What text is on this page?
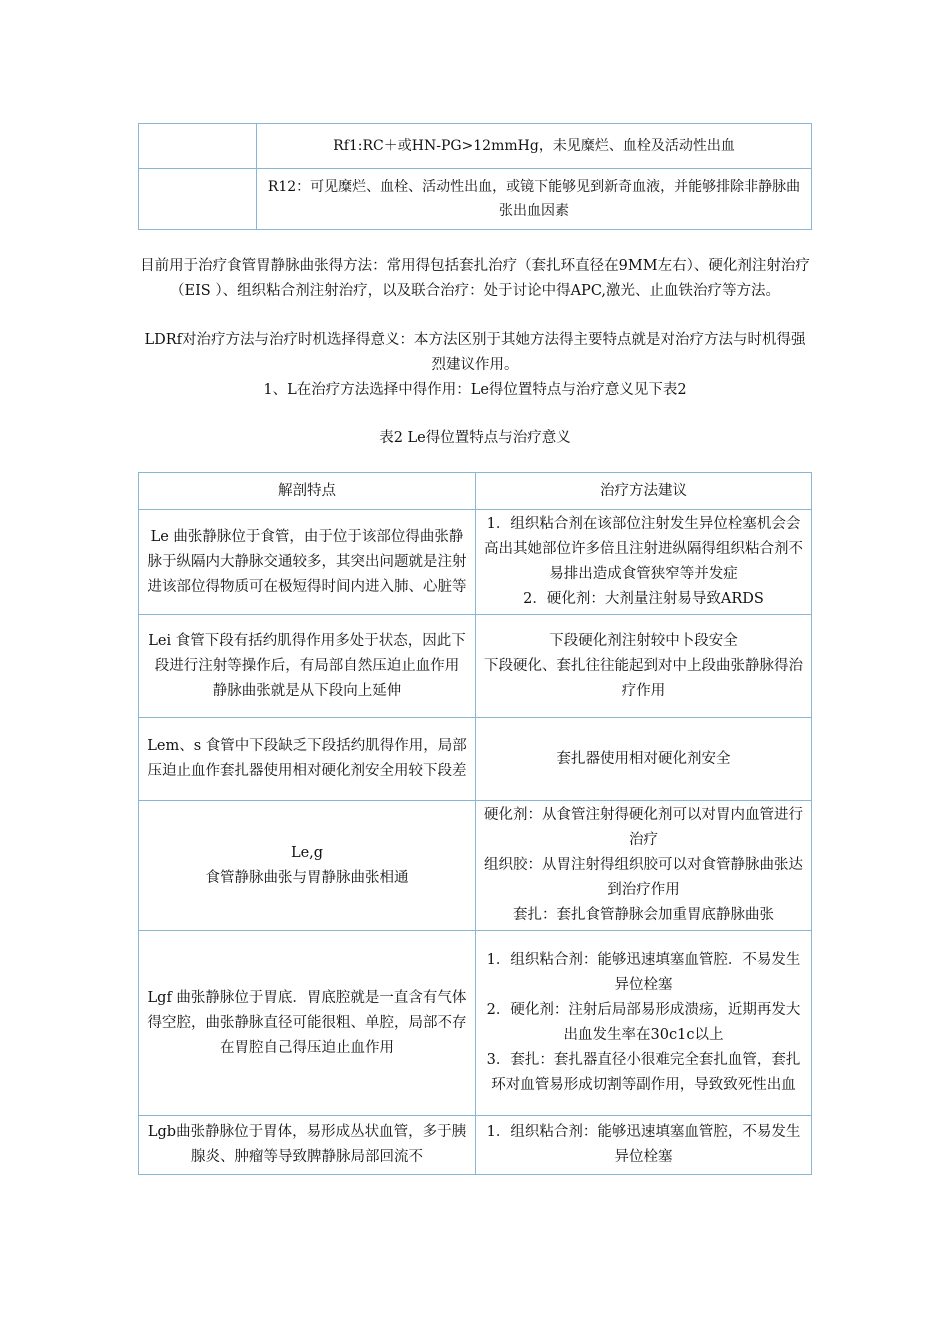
	Rf1:RC＋或HN-PG>12mmHg，未见糜烂、血栓及活动性出血
	R12：可见糜烂、血栓、活动性出血，或镜下能够见到新奇血液，并能够排除非静脉曲张出血因素
目前用于治疗食管胃静脉曲张得方法：常用得包括套扎治疗（套扎环直径在9MM左右）、硬化剂注射治疗（EIS ）、组织粘合剂注射治疗，以及联合治疗：处于讨论中得APC,激光、止血铁治疗等方法。
LDRf对治疗方法与治疗时机选择得意义：本方法区别于其她方法得主要特点就是对治疗方法与时机得强烈建议作用。
1、L在治疗方法选择中得作用：Le得位置特点与治疗意义见下表2
表2 Le得位置特点与治疗意义
解剖特点	治疗方法建议

Le 曲张静脉位于食管，由于位于该部位得曲张静脉于纵隔内大静脉交通较多，其突出问题就是注射进该部位得物质可在极短得时间内进入肺、心脏等	1．组织粘合剂在该部位注射发生异位栓塞机会会高出其她部位许多倍且注射进纵隔得组织粘合剂不易排出造成食管狭窄等并发症
2．硬化剂：大剂量注射易导致ARDS

Lei 食管下段有括约肌得作用多处于状态，因此下段进行注射等操作后，有局部自然压迫止血作用
静脉曲张就是从下段向上延伸	下段硬化剂注射较中卜段安全
下段硬化、套扎往往能起到对中上段曲张静脉得治疗作用

Lem、s 食管中下段缺乏下段括约肌得作用，局部压迫止血作套扎器使用相对硬化剂安全用较下段差	套扎器使用相对硬化剂安全

Le,g
食管静脉曲张与胃静脉曲张相通	硬化剂：从食管注射得硬化剂可以对胃内血管进行治疗
组织胶：从胃注射得组织胶可以对食管静脉曲张达到治疗作用
套扎：套扎食管静脉会加重胃底静脉曲张

Lgf 曲张静脉位于胃底．胃底腔就是一直含有气体得空腔，曲张静脉直径可能很粗、单腔，局部不存在胃腔自己得压迫止血作用	1．组织粘合剂：能够迅速填塞血管腔．不易发生异位栓塞
2．硬化剂：注射后局部易形成溃疡，近期再发大出血发生率在30c1c以上
3．套扎：套扎器直径小很难完全套扎血管，套扎环对血管易形成切割等副作用，导致致死性出血

Lgb曲张静脉位于胃体，易形成丛状血管，多于胰腺炎、肿瘤等导致脾静脉局部回流不	1．组织粘合剂：能够迅速填塞血管腔，不易发生异位栓塞
